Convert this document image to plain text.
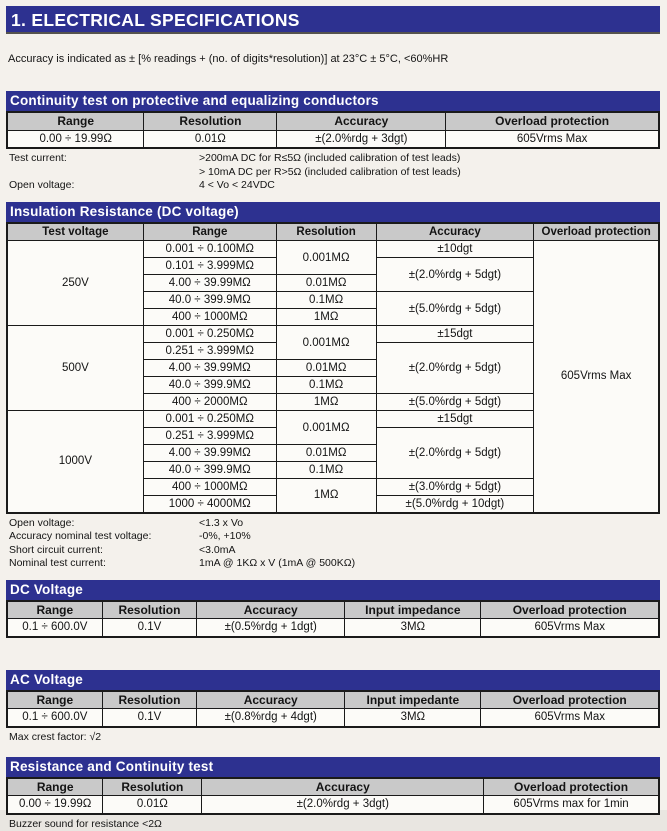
1. ELECTRICAL SPECIFICATIONS

Accuracy is indicated as ± [% readings + (no. of digits*resolution)] at 23°C ± 5°C, <60%HR

Continuity test on protective and equalizing conductors
Range	Resolution	Accuracy	Overload protection
0.00 ÷ 19.99Ω	0.01Ω	±(2.0%rdg + 3dgt)	605Vrms Max
Test current:	>200mA DC for R≤5Ω (included calibration of test leads)
> 10mA DC per R>5Ω (included calibration of test leads)
Open voltage:	4 < Vo < 24VDC
Insulation Resistance (DC voltage)
Test voltage	Range	Resolution	Accuracy	Overload protection
250V	0.001 ÷ 0.100MΩ	0.001MΩ	±10dgt	605Vrms Max
	0.101 ÷ 3.999MΩ		±(2.0%rdg + 5dgt)	
	4.00 ÷ 39.99MΩ	0.01MΩ		
	40.0 ÷ 399.9MΩ	0.1MΩ	±(5.0%rdg + 5dgt)	
	400 ÷ 1000MΩ	1MΩ		
500V	0.001 ÷ 0.250MΩ	0.001MΩ	±15dgt	
	0.251 ÷ 3.999MΩ		±(2.0%rdg + 5dgt)	
	4.00 ÷ 39.99MΩ	0.01MΩ		
	40.0 ÷ 399.9MΩ	0.1MΩ		
	400 ÷ 2000MΩ	1MΩ	±(5.0%rdg + 5dgt)	
1000V	0.001 ÷ 0.250MΩ	0.001MΩ	±15dgt	
	0.251 ÷ 3.999MΩ		±(2.0%rdg + 5dgt)	
	4.00 ÷ 39.99MΩ	0.01MΩ		
	40.0 ÷ 399.9MΩ	0.1MΩ		
	400 ÷ 1000MΩ	1MΩ	±(3.0%rdg + 5dgt)	
	1000 ÷ 4000MΩ		±(5.0%rdg + 10dgt)	
Open voltage:	<1.3 x Vo
Accuracy nominal test voltage:	-0%, +10%
Short circuit current:	<3.0mA
Nominal test current:	1mA @ 1KΩ x V (1mA @ 500KΩ)
DC Voltage
Range	Resolution	Accuracy	Input impedance	Overload protection
0.1 ÷ 600.0V	0.1V	±(0.5%rdg + 1dgt)	3MΩ	605Vrms Max
AC Voltage
Range	Resolution	Accuracy	Input impedante	Overload protection
0.1 ÷ 600.0V	0.1V	±(0.8%rdg + 4dgt)	3MΩ	605Vrms Max
Max crest factor: √2
Resistance and Continuity test
Range	Resolution	Accuracy	Overload protection
0.00 ÷ 19.99Ω	0.01Ω	±(2.0%rdg + 3dgt)	605Vrms max for 1min
Buzzer sound for resistance <2Ω
